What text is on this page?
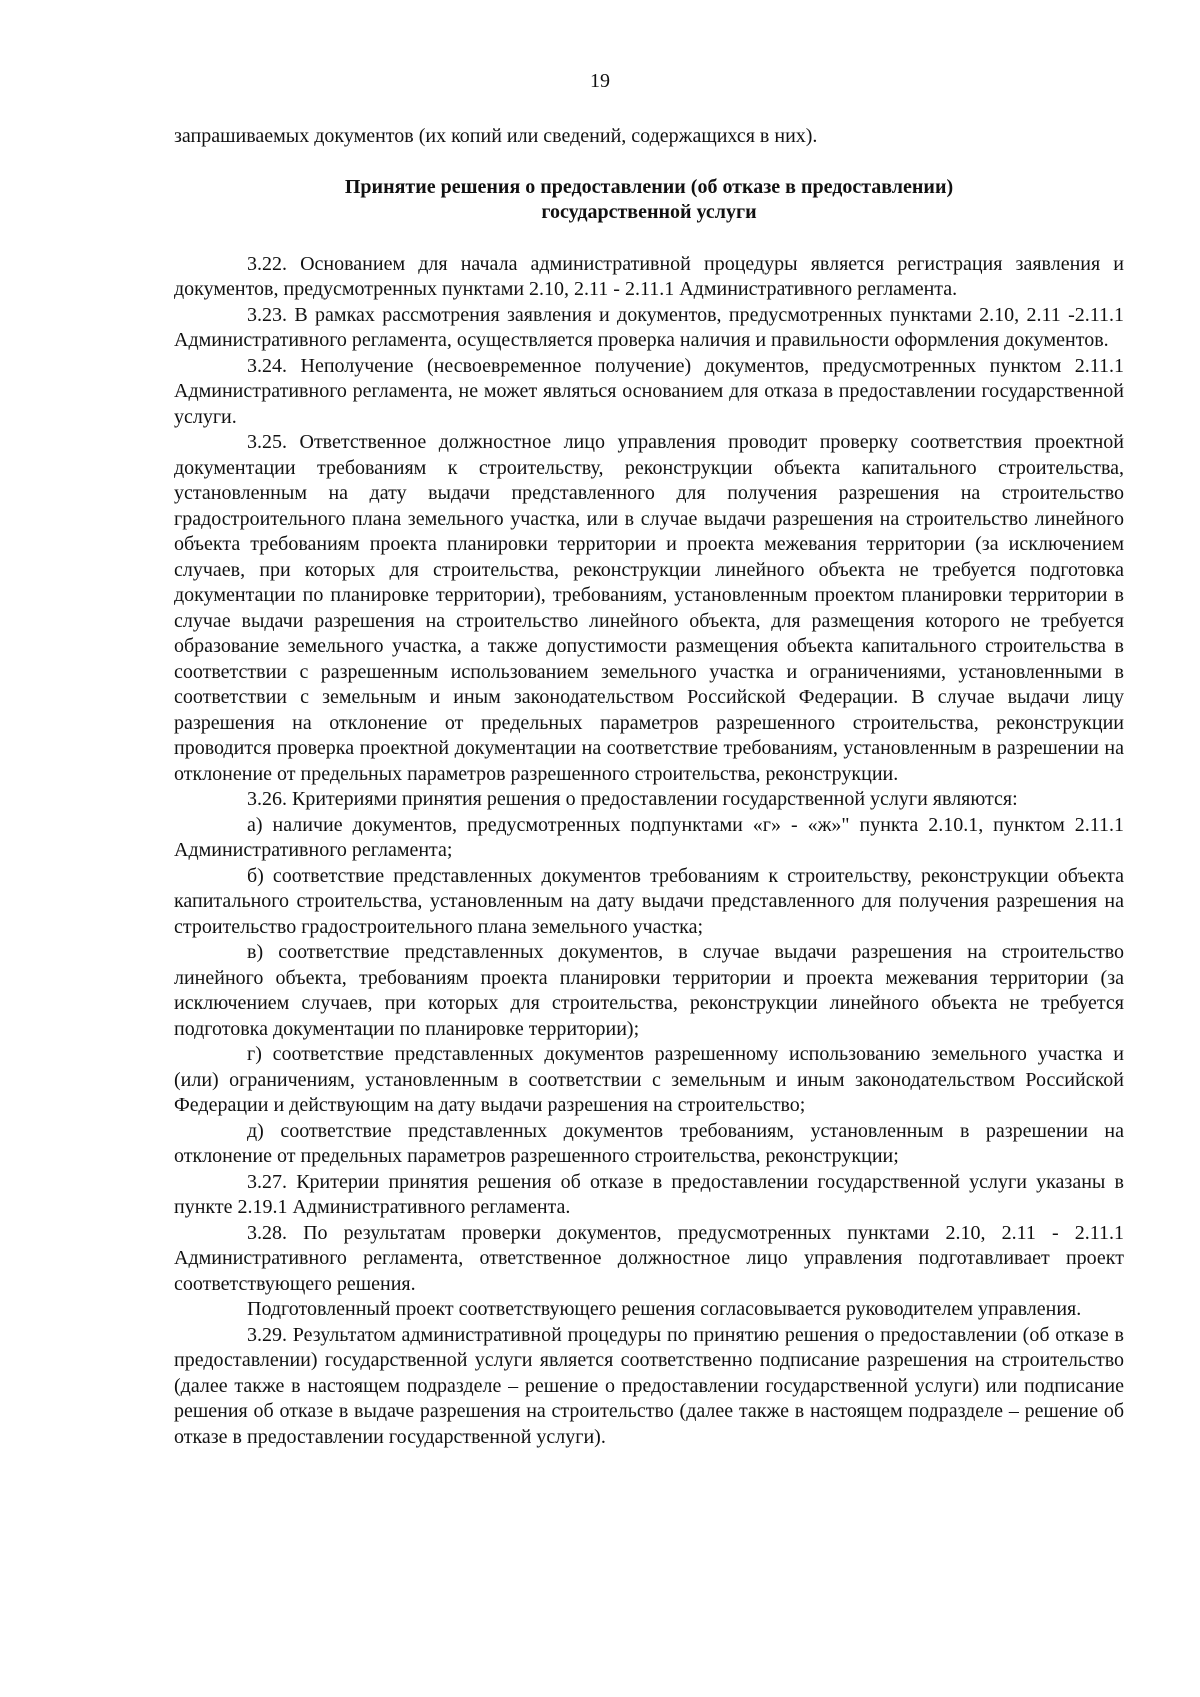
19

запрашиваемых документов (их копий или сведений, содержащихся в них).

Принятие решения о предоставлении (об отказе в предоставлении)
государственной услуги

3.22. Основанием для начала административной процедуры является регистрация заявления и документов, предусмотренных пунктами 2.10, 2.11 - 2.11.1 Административного регламента.

3.23. В рамках рассмотрения заявления и документов, предусмотренных пунктами 2.10, 2.11 -2.11.1 Административного регламента, осуществляется проверка наличия и правильности оформления документов.

3.24. Неполучение (несвоевременное получение) документов, предусмотренных пунктом 2.11.1 Административного регламента, не может являться основанием для отказа в предоставлении государственной услуги.

3.25. Ответственное должностное лицо управления проводит проверку соответствия проектной документации требованиям к строительству, реконструкции объекта капитального строительства, установленным на дату выдачи представленного для получения разрешения на строительство градостроительного плана земельного участка, или в случае выдачи разрешения на строительство линейного объекта требованиям проекта планировки территории и проекта межевания территории (за исключением случаев, при которых для строительства, реконструкции линейного объекта не требуется подготовка документации по планировке территории), требованиям, установленным проектом планировки территории в случае выдачи разрешения на строительство линейного объекта, для размещения которого не требуется образование земельного участка, а также допустимости размещения объекта капитального строительства в соответствии с разрешенным использованием земельного участка и ограничениями, установленными в соответствии с земельным и иным законодательством Российской Федерации. В случае выдачи лицу разрешения на отклонение от предельных параметров разрешенного строительства, реконструкции проводится проверка проектной документации на соответствие требованиям, установленным в разрешении на отклонение от предельных параметров разрешенного строительства, реконструкции.

3.26. Критериями принятия решения о предоставлении государственной услуги являются:

а) наличие документов, предусмотренных подпунктами «г» - «ж»" пункта 2.10.1, пунктом 2.11.1 Административного регламента;

б) соответствие представленных документов требованиям к строительству, реконструкции объекта капитального строительства, установленным на дату выдачи представленного для получения разрешения на строительство градостроительного плана земельного участка;

в) соответствие представленных документов, в случае выдачи разрешения на строительство линейного объекта, требованиям проекта планировки территории и проекта межевания территории (за исключением случаев, при которых для строительства, реконструкции линейного объекта не требуется подготовка документации по планировке территории);

г) соответствие представленных документов разрешенному использованию земельного участка и (или) ограничениям, установленным в соответствии с земельным и иным законодательством Российской Федерации и действующим на дату выдачи разрешения на строительство;

д) соответствие представленных документов требованиям, установленным в разрешении на отклонение от предельных параметров разрешенного строительства, реконструкции;

3.27. Критерии принятия решения об отказе в предоставлении государственной услуги указаны в пункте 2.19.1 Административного регламента.

3.28. По результатам проверки документов, предусмотренных пунктами 2.10, 2.11 - 2.11.1 Административного регламента, ответственное должностное лицо управления подготавливает проект соответствующего решения.

Подготовленный проект соответствующего решения согласовывается руководителем управления.

3.29. Результатом административной процедуры по принятию решения о предоставлении (об отказе в предоставлении) государственной услуги является соответственно подписание разрешения на строительство (далее также в настоящем подразделе – решение о предоставлении государственной услуги) или подписание решения об отказе в выдаче разрешения на строительство (далее также в настоящем подразделе – решение об отказе в предоставлении государственной услуги).
